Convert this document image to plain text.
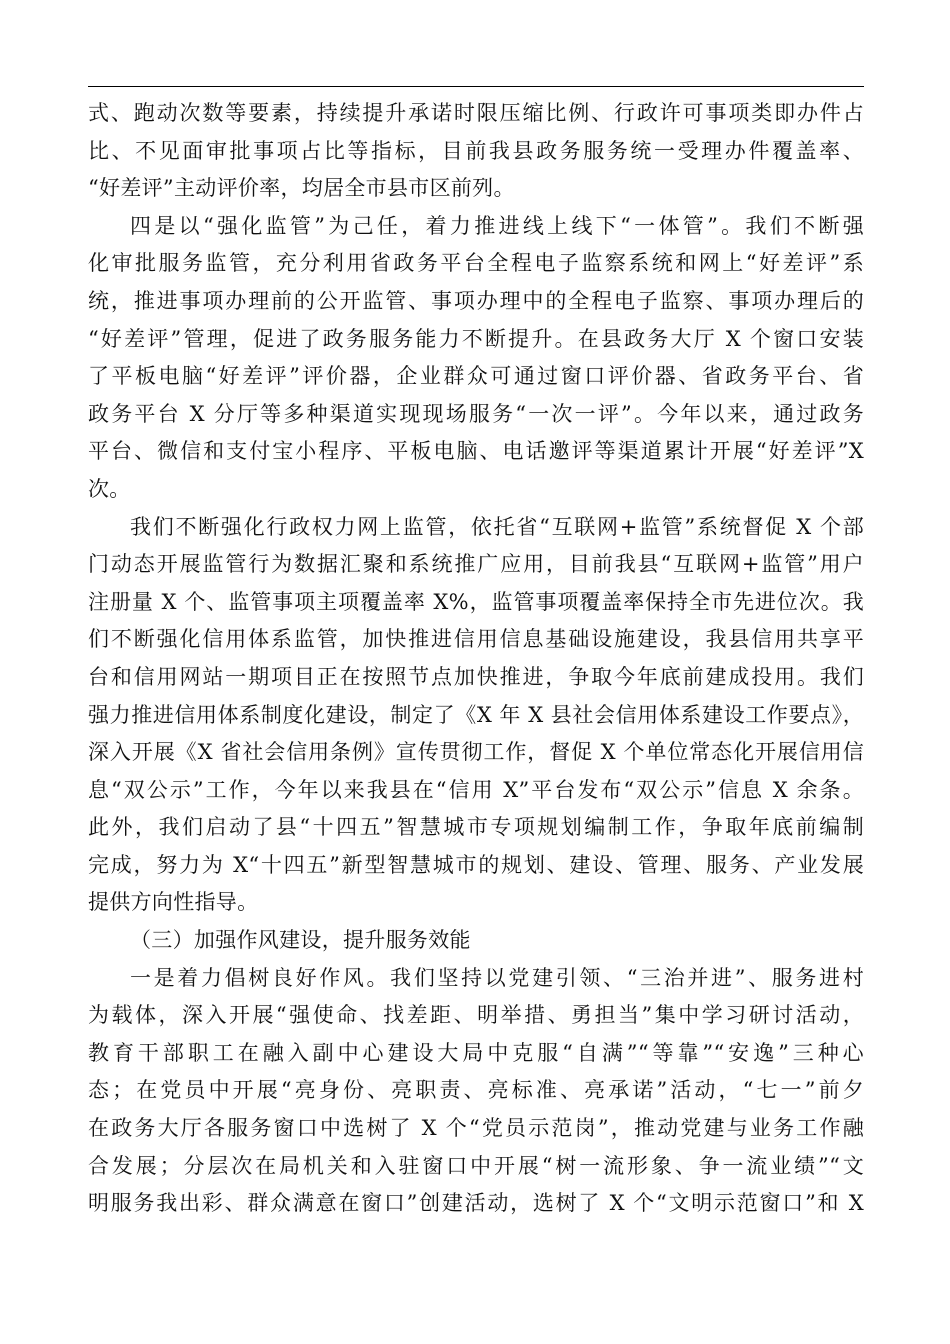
式、跑动次数等要素，持续提升承诺时限压缩比例、行政许可事项类即办件占
比、不见面审批事项占比等指标，目前我县政务服务统一受理办件覆盖率、
“好差评”主动评价率，均居全市县市区前列。
四是以“强化监管”为己任，着力推进线上线下“一体管”。我们不断强
化审批服务监管，充分利用省政务平台全程电子监察系统和网上“好差评”系
统，推进事项办理前的公开监管、事项办理中的全程电子监察、事项办理后的
“好差评”管理，促进了政务服务能力不断提升。在县政务大厅 X 个窗口安装
了平板电脑“好差评”评价器，企业群众可通过窗口评价器、省政务平台、省
政务平台 X 分厅等多种渠道实现现场服务“一次一评”。今年以来，通过政务
平台、微信和支付宝小程序、平板电脑、电话邀评等渠道累计开展“好差评”X
次。
我们不断强化行政权力网上监管，依托省“互联网+监管”系统督促 X 个部
门动态开展监管行为数据汇聚和系统推广应用，目前我县“互联网+监管”用户
注册量 X 个、监管事项主项覆盖率 X%，监管事项覆盖率保持全市先进位次。我
们不断强化信用体系监管，加快推进信用信息基础设施建设，我县信用共享平
台和信用网站一期项目正在按照节点加快推进，争取今年底前建成投用。我们
强力推进信用体系制度化建设，制定了《X 年 X 县社会信用体系建设工作要点》，
深入开展《X 省社会信用条例》宣传贯彻工作，督促 X 个单位常态化开展信用信
息“双公示”工作，今年以来我县在“信用 X”平台发布“双公示”信息 X 余条。
此外，我们启动了县“十四五”智慧城市专项规划编制工作，争取年底前编制
完成，努力为 X“十四五”新型智慧城市的规划、建设、管理、服务、产业发展
提供方向性指导。
（三）加强作风建设，提升服务效能
一是着力倡树良好作风。我们坚持以党建引领、“三治并进”、服务进村
为载体，深入开展“强使命、找差距、明举措、勇担当”集中学习研讨活动，
教育干部职工在融入副中心建设大局中克服“自满”“等靠”“安逸”三种心
态；在党员中开展“亮身份、亮职责、亮标准、亮承诺”活动，“七一”前夕
在政务大厅各服务窗口中选树了 X 个“党员示范岗”，推动党建与业务工作融
合发展；分层次在局机关和入驻窗口中开展“树一流形象、争一流业绩”“文
明服务我出彩、群众满意在窗口”创建活动，选树了 X 个“文明示范窗口”和 X
